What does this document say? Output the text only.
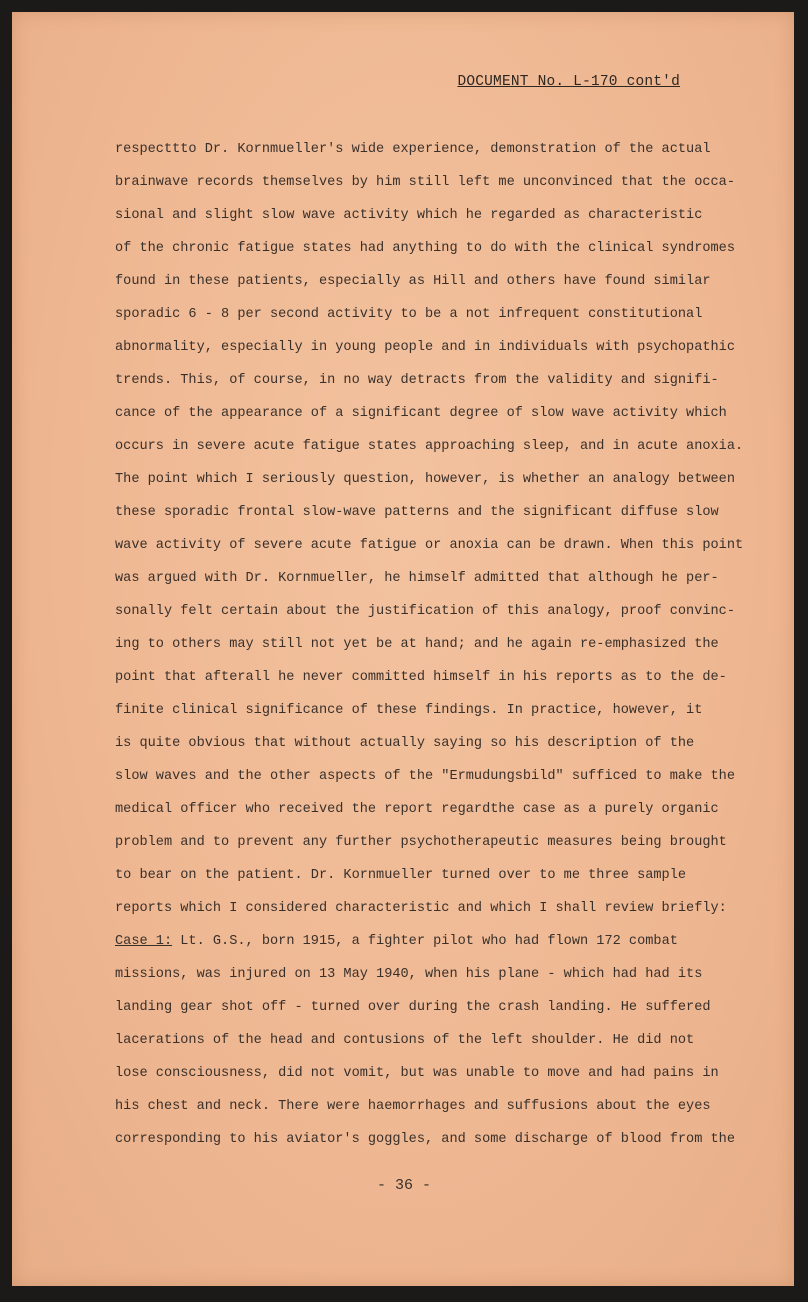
DOCUMENT No. L-170 cont'd
respecttto Dr. Kornmueller's wide experience, demonstration of the actual
brainwave records themselves by him still left me unconvinced that the occa-
sional and slight slow wave activity which he regarded as characteristic
of the chronic fatigue states had anything to do with the clinical syndromes
found in these patients, especially as Hill and others have found similar
sporadic 6 - 8 per second activity to be a not infrequent constitutional
abnormality, especially in young people and in individuals with psychopathic
trends. This, of course, in no way detracts from the validity and signifi-
cance of the appearance of a significant degree of slow wave activity which
occurs in severe acute fatigue states approaching sleep, and in acute anoxia.
The point which I seriously question, however, is whether an analogy between
these sporadic frontal slow-wave patterns and the significant diffuse slow
wave activity of severe acute fatigue or anoxia can be drawn. When this point
was argued with Dr. Kornmueller, he himself admitted that although he per-
sonally felt certain about the justification of this analogy, proof convinc-
ing to others may still not yet be at hand; and he again re-emphasized the
point that afterall he never committed himself in his reports as to the de-
finite clinical significance of these findings. In practice, however, it
is quite obvious that without actually saying so his description of the
slow waves and the other aspects of the "Ermudungsbild" sufficed to make the
medical officer who received the report regardthe case as a purely organic
problem and to prevent any further psychotherapeutic measures being brought
to bear on the patient. Dr. Kornmueller turned over to me three sample
reports which I considered characteristic and which I shall review briefly:
Case 1: Lt. G.S., born 1915, a fighter pilot who had flown 172 combat
missions, was injured on 13 May 1940, when his plane - which had had its
landing gear shot off - turned over during the crash landing. He suffered
lacerations of the head and contusions of the left shoulder. He did not
lose consciousness, did not vomit, but was unable to move and had pains in
his chest and neck. There were haemorrhages and suffusions about the eyes
corresponding to his aviator's goggles, and some discharge of blood from the
- 36 -
